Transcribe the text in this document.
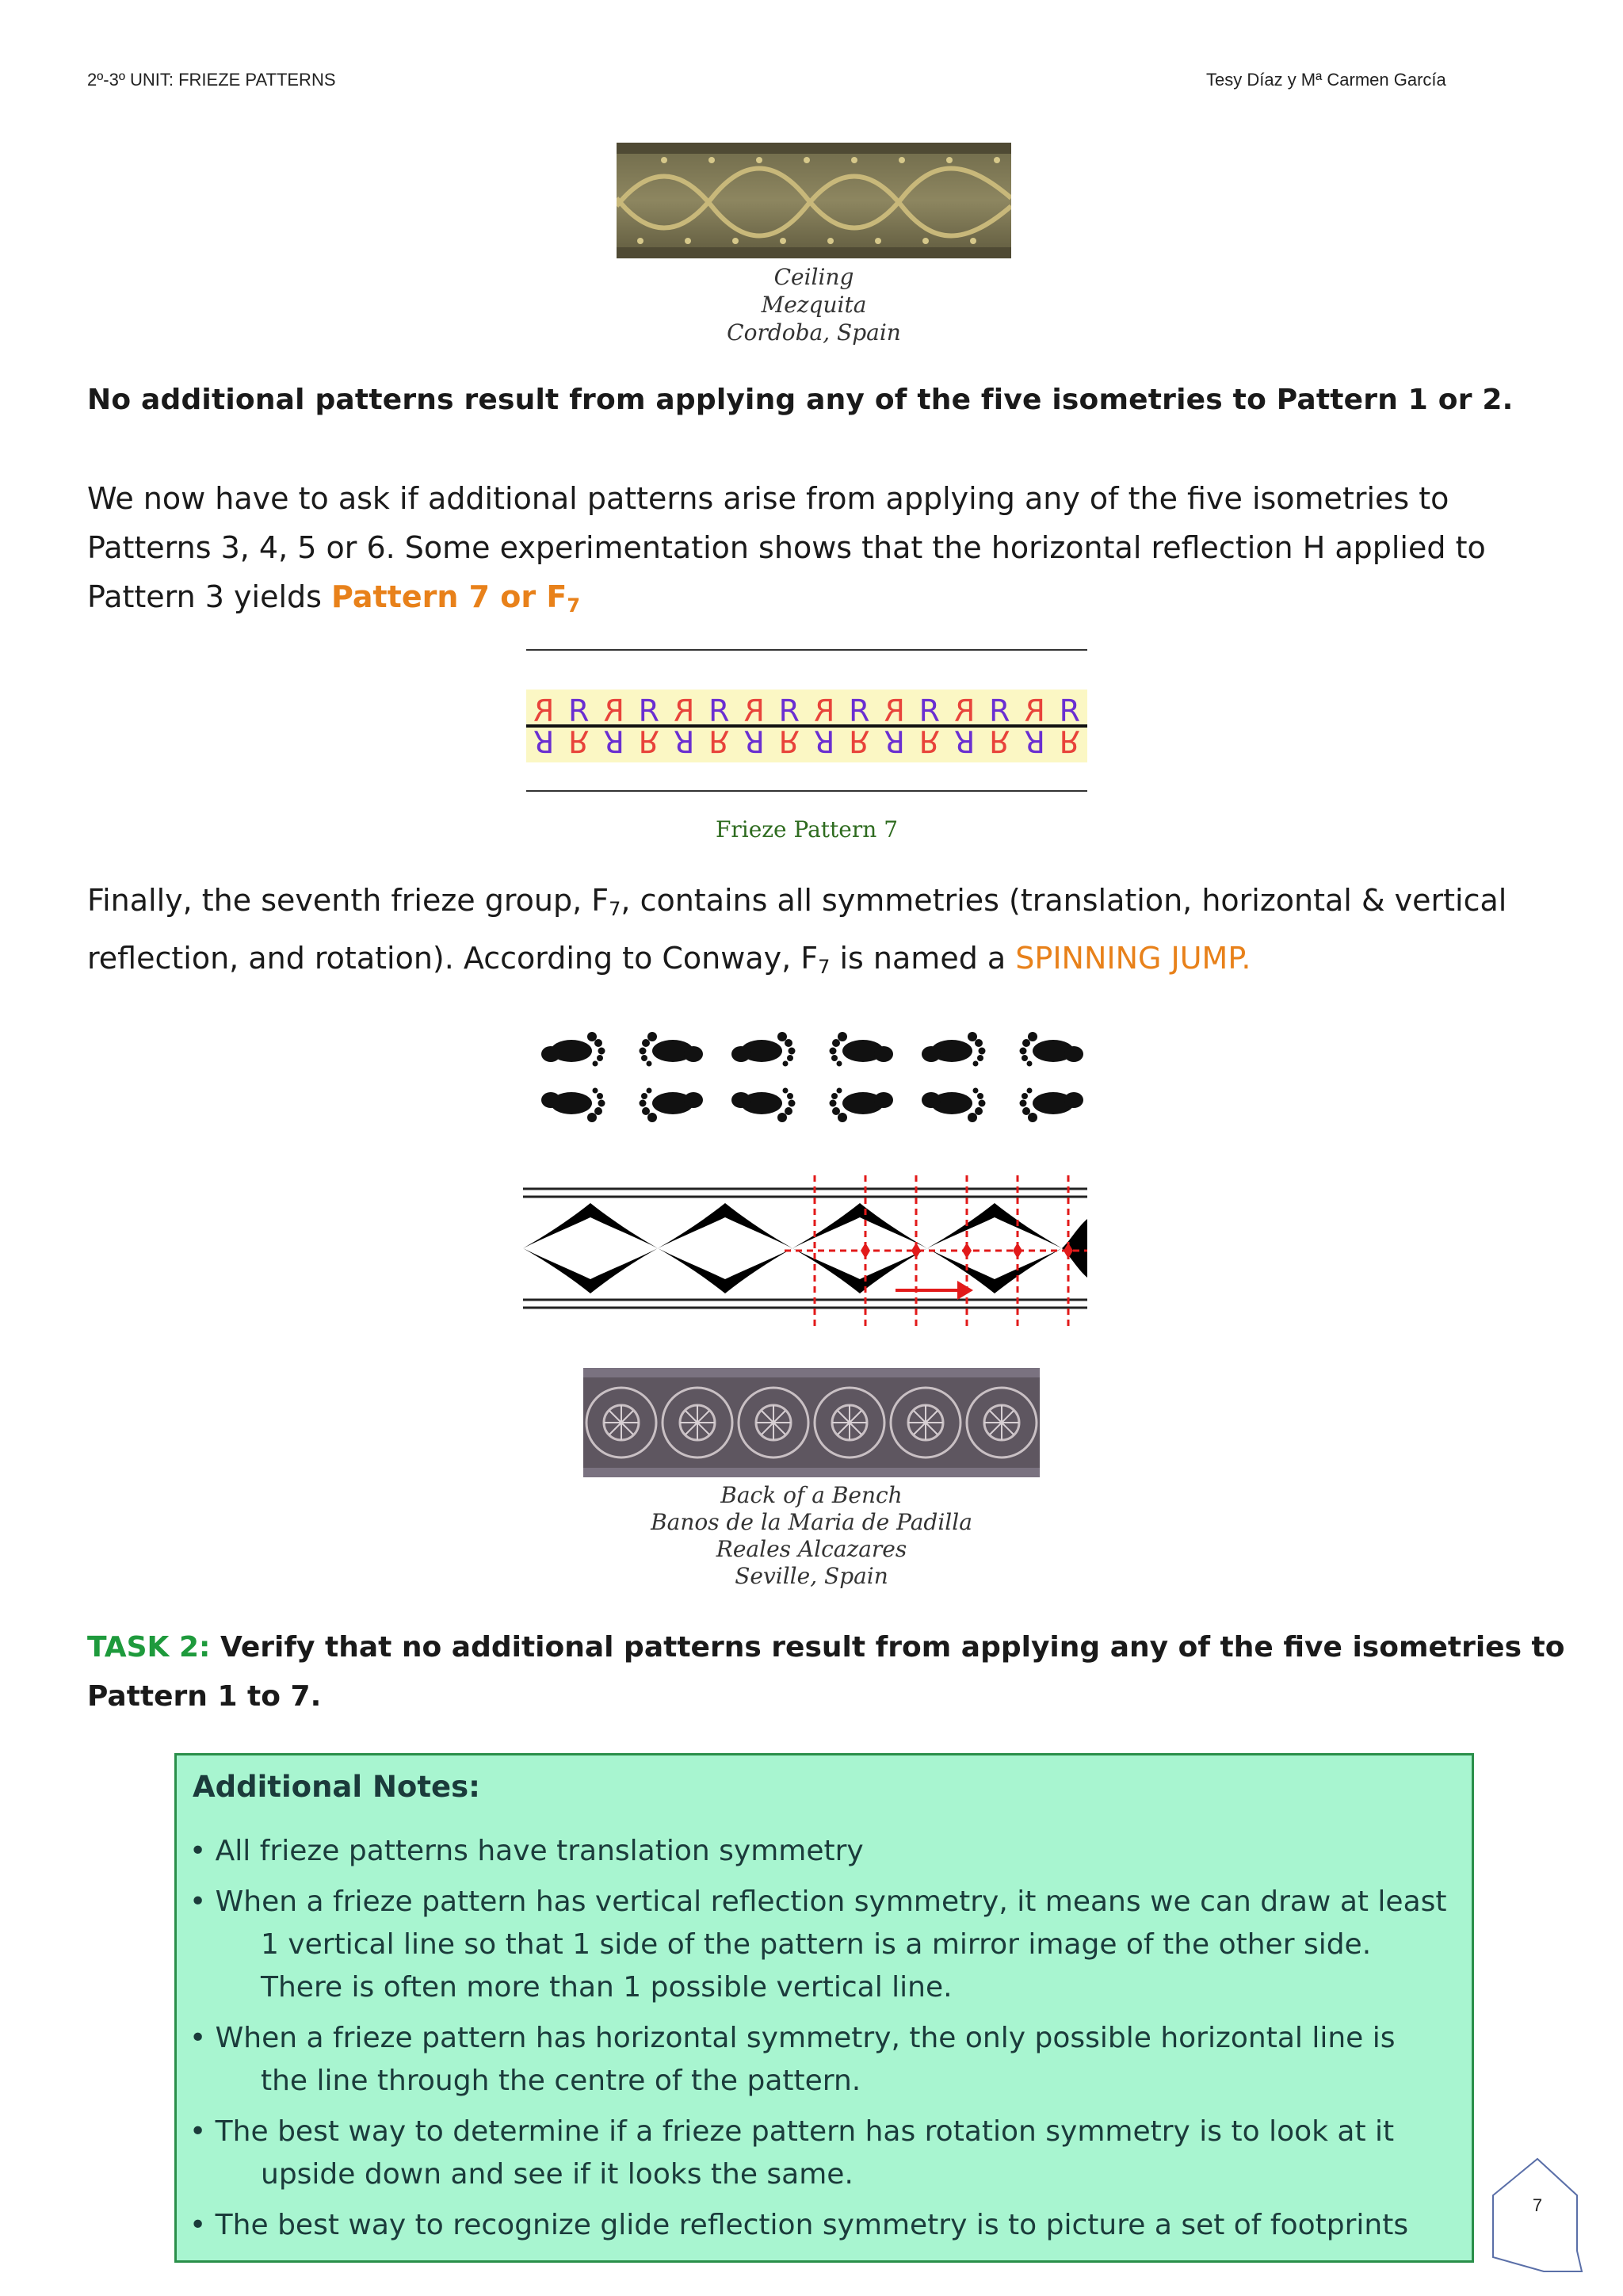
2º-3º UNIT: FRIEZE PATTERNS	Tesy Díaz y Mª Carmen García
Ceiling
Mezquita
Cordoba, Spain
No additional patterns result from applying any of the five isometries to Pattern 1 or 2.
We now have to ask if additional patterns arise from applying any of the five isometries to
Patterns 3, 4, 5 or 6. Some experimentation shows that the horizontal reflection H applied to
Pattern 3 yields Pattern 7 or $F_7$
R
R
R
R
R
R
R
R
R
R
R
R
R
R
R
R
R
R
R
R
R
R
R
R
R
R
R
R
R
R
R
R
Frieze Pattern 7
Finally, the seventh frieze group, $F_7$, contains all symmetries (translation, horizontal & vertical
reflection, and rotation). According to Conway, $F_7$ is named a SPINNING JUMP.
Back of a Bench
Banos de la Maria de Padilla
Reales Alcazares
Seville, Spain
TASK 2: Verify that no additional patterns result from applying any of the five isometries to
Pattern 1 to 7.
Additional Notes:
• All frieze patterns have translation symmetry
• When a frieze pattern has vertical reflection symmetry, it means we can draw at least
1 vertical line so that 1 side of the pattern is a mirror image of the other side.
There is often more than 1 possible vertical line.
• When a frieze pattern has horizontal symmetry, the only possible horizontal line is
the line through the centre of the pattern.
• The best way to determine if a frieze pattern has rotation symmetry is to look at it
upside down and see if it looks the same.
• The best way to recognize glide reflection symmetry is to picture a set of footprints
7
